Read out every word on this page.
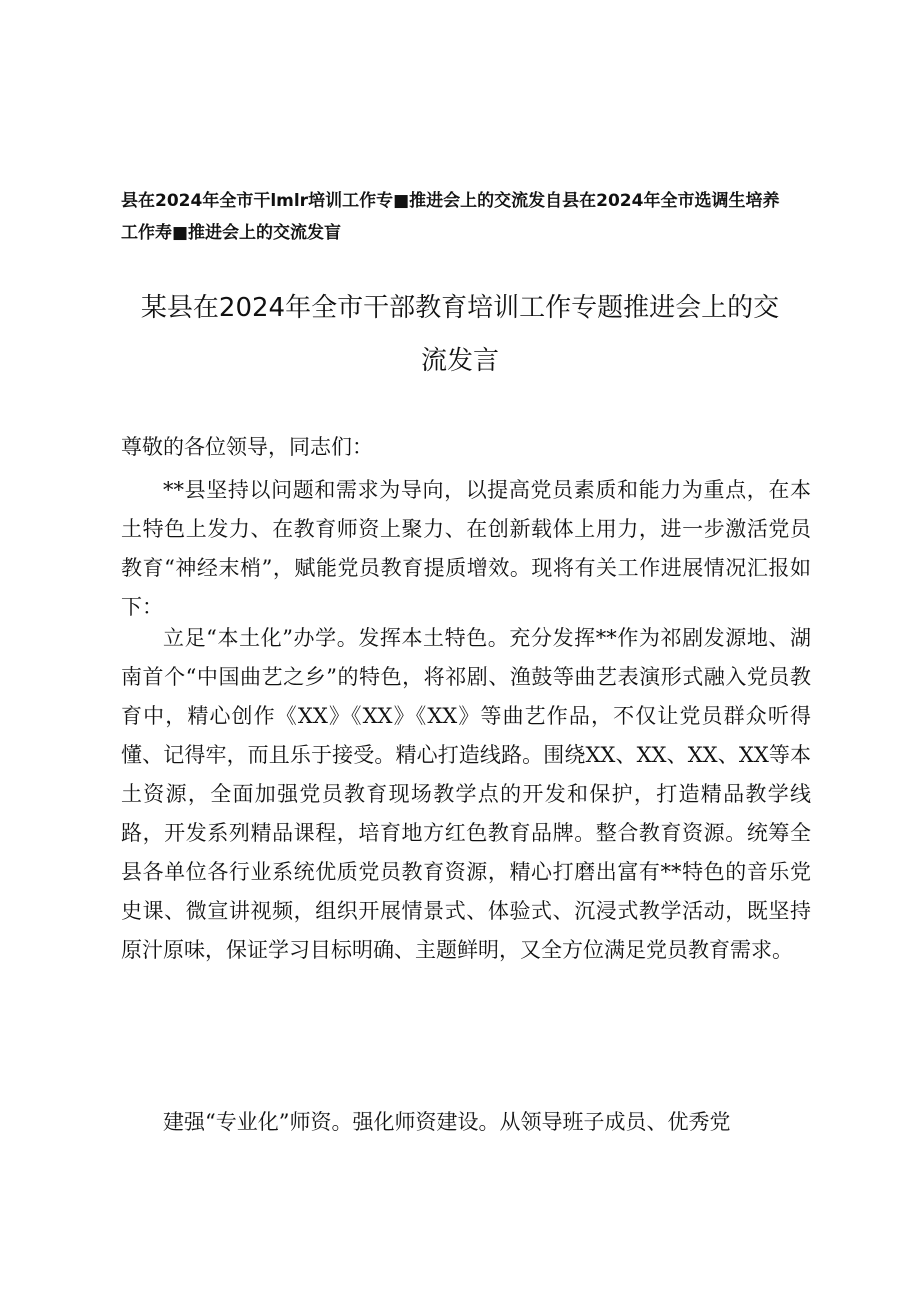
县在2024年全市干lmlr培训工作专■推进会上的交流发自县在2024年全市选调生培养
工作寿■推进会上的交流发盲
某县在2024年全市干部教育培训工作专题推进会上的交
流发言

尊敬的各位领导，同志们：

**县坚持以问题和需求为导向，以提高党员素质和能力为重点，在本土特色上发力、在教育师资上聚力、在创新载体上用力，进一步激活党员教育“神经末梢”，赋能党员教育提质增效。现将有关工作进展情况汇报如下：

立足“本土化”办学。发挥本土特色。充分发挥**作为祁剧发源地、湖南首个“中国曲艺之乡”的特色，将祁剧、渔鼓等曲艺表演形式融入党员教育中，精心创作《XX》《XX》《XX》等曲艺作品，不仅让党员群众听得懂、记得牢，而且乐于接受。精心打造线路。围绕XX、XX、XX、XX等本土资源，全面加强党员教育现场教学点的开发和保护，打造精品教学线路，开发系列精品课程，培育地方红色教育品牌。整合教育资源。统筹全县各单位各行业系统优质党员教育资源，精心打磨出富有**特色的音乐党史课、微宣讲视频，组织开展情景式、体验式、沉浸式教学活动，既坚持原汁原味，保证学习目标明确、主题鲜明，又全方位满足党员教育需求。

建强“专业化”师资。强化师资建设。从领导班子成员、优秀党
